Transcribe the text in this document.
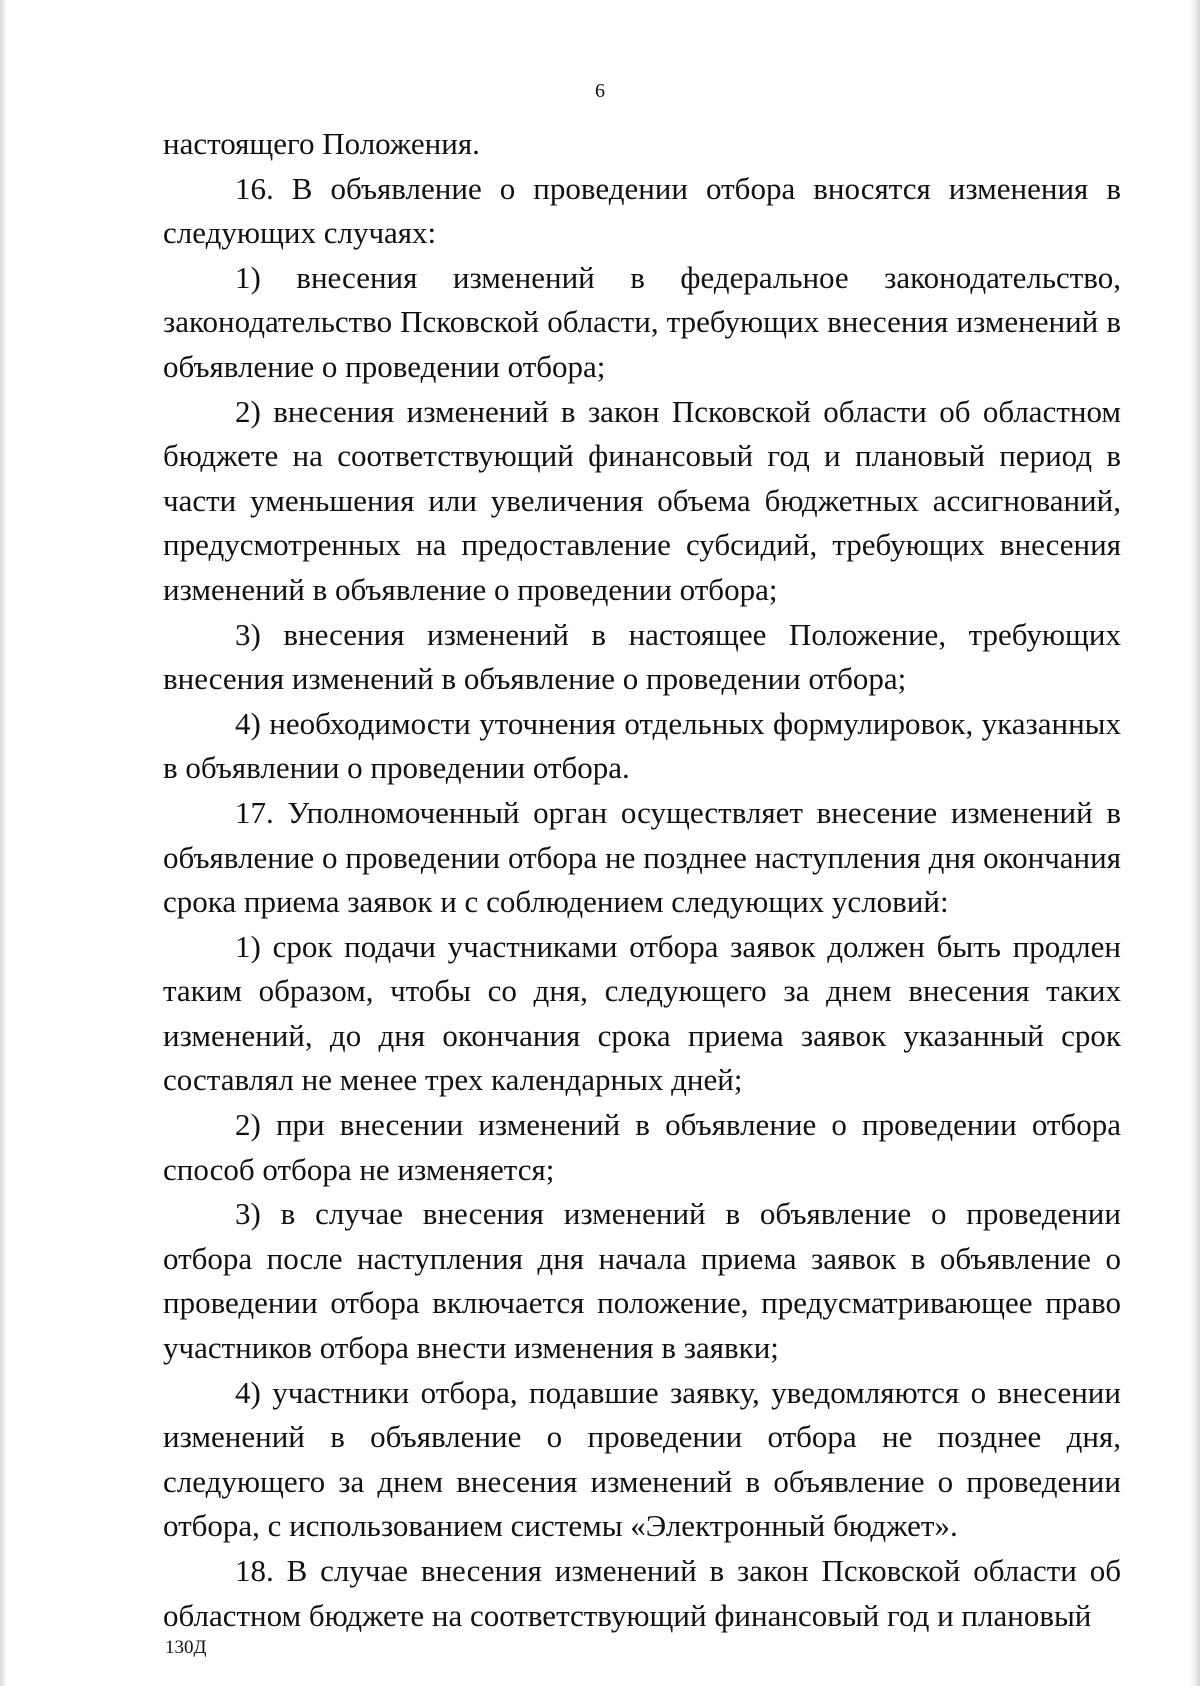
6

настоящего Положения.

16. В объявление о проведении отбора вносятся изменения в следующих случаях:

1) внесения изменений в федеральное законодательство, законодательство Псковской области, требующих внесения изменений в объявление о проведении отбора;

2) внесения изменений в закон Псковской области об областном бюджете на соответствующий финансовый год и плановый период в части уменьшения или увеличения объема бюджетных ассигнований, предусмотренных на предоставление субсидий, требующих внесения изменений в объявление о проведении отбора;

3) внесения изменений в настоящее Положение, требующих внесения изменений в объявление о проведении отбора;

4) необходимости уточнения отдельных формулировок, указанных в объявлении о проведении отбора.

17. Уполномоченный орган осуществляет внесение изменений в объявление о проведении отбора не позднее наступления дня окончания срока приема заявок и с соблюдением следующих условий:

1) срок подачи участниками отбора заявок должен быть продлен таким образом, чтобы со дня, следующего за днем внесения таких изменений, до дня окончания срока приема заявок указанный срок составлял не менее трех календарных дней;

2) при внесении изменений в объявление о проведении отбора способ отбора не изменяется;

3) в случае внесения изменений в объявление о проведении отбора после наступления дня начала приема заявок в объявление о проведении отбора включается положение, предусматривающее право участников отбора внести изменения в заявки;

4) участники отбора, подавшие заявку, уведомляются о внесении изменений в объявление о проведении отбора не позднее дня, следующего за днем внесения изменений в объявление о проведении отбора, с использованием системы «Электронный бюджет».

18. В случае внесения изменений в закон Псковской области об областном бюджете на соответствующий финансовый год и плановый

130Д
